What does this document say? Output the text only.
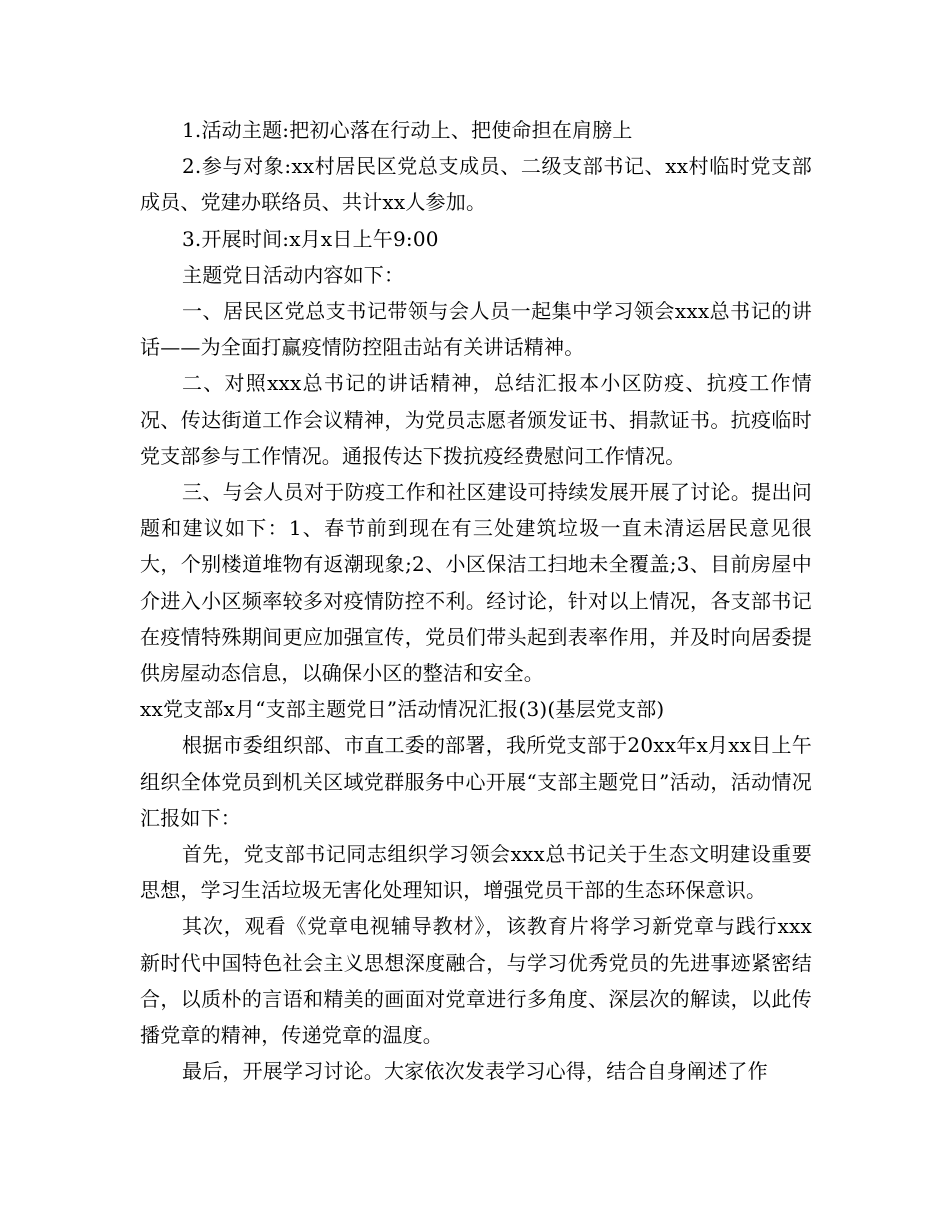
1.活动主题:把初心落在行动上、把使命担在肩膀上

2.参与对象:xx村居民区党总支成员、二级支部书记、xx村临时党支部成员、党建办联络员、共计xx人参加。

3.开展时间:x月x日上午9:00

主题党日活动内容如下：

一、居民区党总支书记带领与会人员一起集中学习领会xxx总书记的讲话——为全面打赢疫情防控阻击站有关讲话精神。

二、对照xxx总书记的讲话精神，总结汇报本小区防疫、抗疫工作情况、传达街道工作会议精神，为党员志愿者颁发证书、捐款证书。抗疫临时党支部参与工作情况。通报传达下拨抗疫经费慰问工作情况。

三、与会人员对于防疫工作和社区建设可持续发展开展了讨论。提出问题和建议如下：1、春节前到现在有三处建筑垃圾一直未清运居民意见很大，个别楼道堆物有返潮现象;2、小区保洁工扫地未全覆盖;3、目前房屋中介进入小区频率较多对疫情防控不利。经讨论，针对以上情况，各支部书记在疫情特殊期间更应加强宣传，党员们带头起到表率作用，并及时向居委提供房屋动态信息，以确保小区的整洁和安全。

xx党支部x月“支部主题党日”活动情况汇报(3)(基层党支部)

根据市委组织部、市直工委的部署，我所党支部于20xx年x月xx日上午组织全体党员到机关区域党群服务中心开展“支部主题党日”活动，活动情况汇报如下：

首先，党支部书记同志组织学习领会xxx总书记关于生态文明建设重要思想，学习生活垃圾无害化处理知识，增强党员干部的生态环保意识。

其次，观看《党章电视辅导教材》，该教育片将学习新党章与践行xxx新时代中国特色社会主义思想深度融合，与学习优秀党员的先进事迹紧密结合，以质朴的言语和精美的画面对党章进行多角度、深层次的解读，以此传播党章的精神，传递党章的温度。

最后，开展学习讨论。大家依次发表学习心得，结合自身阐述了作
